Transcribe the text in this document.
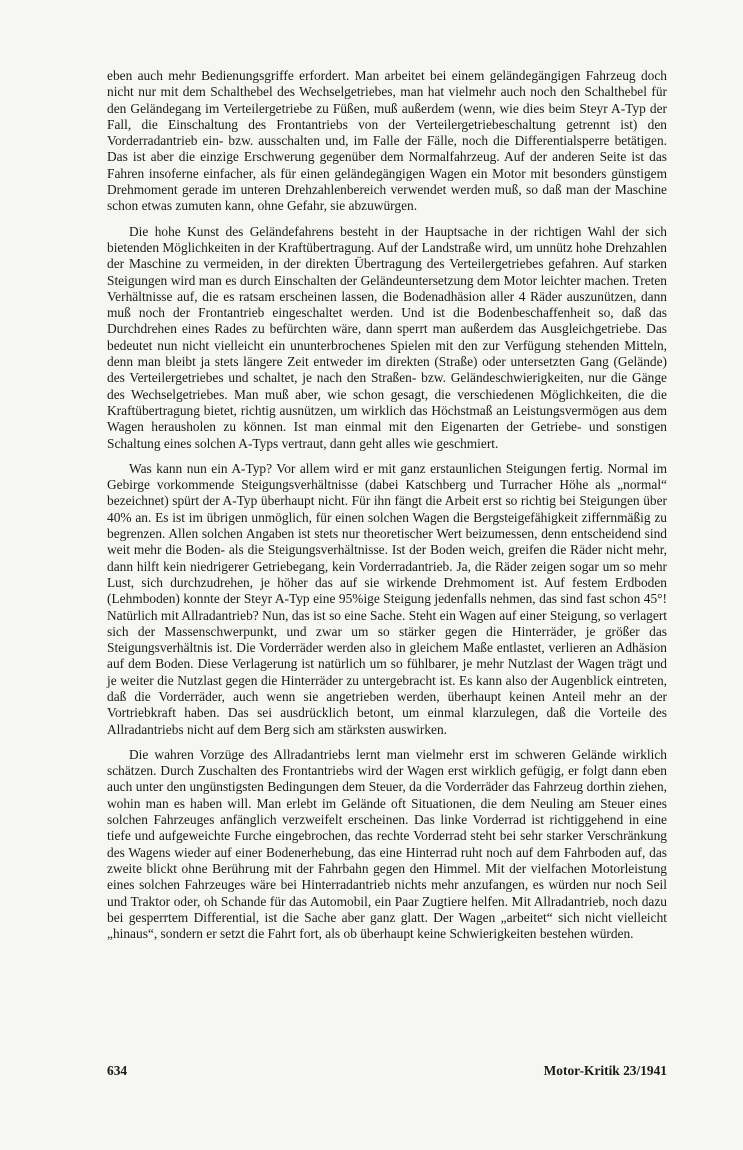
eben auch mehr Bedienungsgriffe erfordert. Man arbeitet bei einem geländegängigen Fahrzeug doch nicht nur mit dem Schalthebel des Wechselgetriebes, man hat vielmehr auch noch den Schalthebel für den Geländegang im Verteilergetriebe zu Füßen, muß außerdem (wenn, wie dies beim Steyr A-Typ der Fall, die Einschaltung des Frontantriebs von der Verteilergetriebeschaltung getrennt ist) den Vorderradantrieb ein- bzw. ausschalten und, im Falle der Fälle, noch die Differentialsperre betätigen. Das ist aber die einzige Erschwerung gegenüber dem Normalfahrzeug. Auf der anderen Seite ist das Fahren insoferne einfacher, als für einen geländegängigen Wagen ein Motor mit besonders günstigem Drehmoment gerade im unteren Drehzahlenbereich verwendet werden muß, so daß man der Maschine schon etwas zumuten kann, ohne Gefahr, sie abzuwürgen.

Die hohe Kunst des Geländefahrens besteht in der Hauptsache in der richtigen Wahl der sich bietenden Möglichkeiten in der Kraftübertragung. Auf der Landstraße wird, um unnütz hohe Drehzahlen der Maschine zu vermeiden, in der direkten Übertragung des Verteilergetriebes gefahren. Auf starken Steigungen wird man es durch Einschalten der Geländeuntersetzung dem Motor leichter machen. Treten Verhältnisse auf, die es ratsam erscheinen lassen, die Bodenadhäsion aller 4 Räder auszunützen, dann muß noch der Frontantrieb eingeschaltet werden. Und ist die Bodenbeschaffenheit so, daß das Durchdrehen eines Rades zu befürchten wäre, dann sperrt man außerdem das Ausgleichgetriebe. Das bedeutet nun nicht vielleicht ein ununterbrochenes Spielen mit den zur Verfügung stehenden Mitteln, denn man bleibt ja stets längere Zeit entweder im direkten (Straße) oder untersetzten Gang (Gelände) des Verteilergetriebes und schaltet, je nach den Straßen- bzw. Geländeschwierigkeiten, nur die Gänge des Wechselgetriebes. Man muß aber, wie schon gesagt, die verschiedenen Möglichkeiten, die die Kraftübertragung bietet, richtig ausnützen, um wirklich das Höchstmaß an Leistungsvermögen aus dem Wagen herausholen zu können. Ist man einmal mit den Eigenarten der Getriebe- und sonstigen Schaltung eines solchen A-Typs vertraut, dann geht alles wie geschmiert.

Was kann nun ein A-Typ? Vor allem wird er mit ganz erstaunlichen Steigungen fertig. Normal im Gebirge vorkommende Steigungsverhältnisse (dabei Katschberg und Turracher Höhe als „normal“ bezeichnet) spürt der A-Typ überhaupt nicht. Für ihn fängt die Arbeit erst so richtig bei Steigungen über 40% an. Es ist im übrigen unmöglich, für einen solchen Wagen die Bergsteigefähigkeit ziffernmäßig zu begrenzen. Allen solchen Angaben ist stets nur theoretischer Wert beizumessen, denn entscheidend sind weit mehr die Boden- als die Steigungsverhältnisse. Ist der Boden weich, greifen die Räder nicht mehr, dann hilft kein niedrigerer Getriebegang, kein Vorderradantrieb. Ja, die Räder zeigen sogar um so mehr Lust, sich durchzudrehen, je höher das auf sie wirkende Drehmoment ist. Auf festem Erdboden (Lehmboden) konnte der Steyr A-Typ eine 95%ige Steigung jedenfalls nehmen, das sind fast schon 45°! Natürlich mit Allradantrieb? Nun, das ist so eine Sache. Steht ein Wagen auf einer Steigung, so verlagert sich der Massenschwerpunkt, und zwar um so stärker gegen die Hinterräder, je größer das Steigungsverhältnis ist. Die Vorderräder werden also in gleichem Maße entlastet, verlieren an Adhäsion auf dem Boden. Diese Verlagerung ist natürlich um so fühlbarer, je mehr Nutzlast der Wagen trägt und je weiter die Nutzlast gegen die Hinterräder zu untergebracht ist. Es kann also der Augenblick eintreten, daß die Vorderräder, auch wenn sie angetrieben werden, überhaupt keinen Anteil mehr an der Vortriebkraft haben. Das sei ausdrücklich betont, um einmal klarzulegen, daß die Vorteile des Allradantriebs nicht auf dem Berg sich am stärksten auswirken.

Die wahren Vorzüge des Allradantriebs lernt man vielmehr erst im schweren Gelände wirklich schätzen. Durch Zuschalten des Frontantriebs wird der Wagen erst wirklich gefügig, er folgt dann eben auch unter den ungünstigsten Bedingungen dem Steuer, da die Vorderräder das Fahrzeug dorthin ziehen, wohin man es haben will. Man erlebt im Gelände oft Situationen, die dem Neuling am Steuer eines solchen Fahrzeuges anfänglich verzweifelt erscheinen. Das linke Vorderrad ist richtiggehend in eine tiefe und aufgeweichte Furche eingebrochen, das rechte Vorderrad steht bei sehr starker Verschränkung des Wagens wieder auf einer Bodenerhebung, das eine Hinterrad ruht noch auf dem Fahrboden auf, das zweite blickt ohne Berührung mit der Fahrbahn gegen den Himmel. Mit der vielfachen Motorleistung eines solchen Fahrzeuges wäre bei Hinterradantrieb nichts mehr anzufangen, es würden nur noch Seil und Traktor oder, oh Schande für das Automobil, ein Paar Zugtiere helfen. Mit Allradantrieb, noch dazu bei gesperrtem Differential, ist die Sache aber ganz glatt. Der Wagen „arbeitet“ sich nicht vielleicht „hinaus“, sondern er setzt die Fahrt fort, als ob überhaupt keine Schwierigkeiten bestehen würden.

634	Motor-Kritik 23/1941
